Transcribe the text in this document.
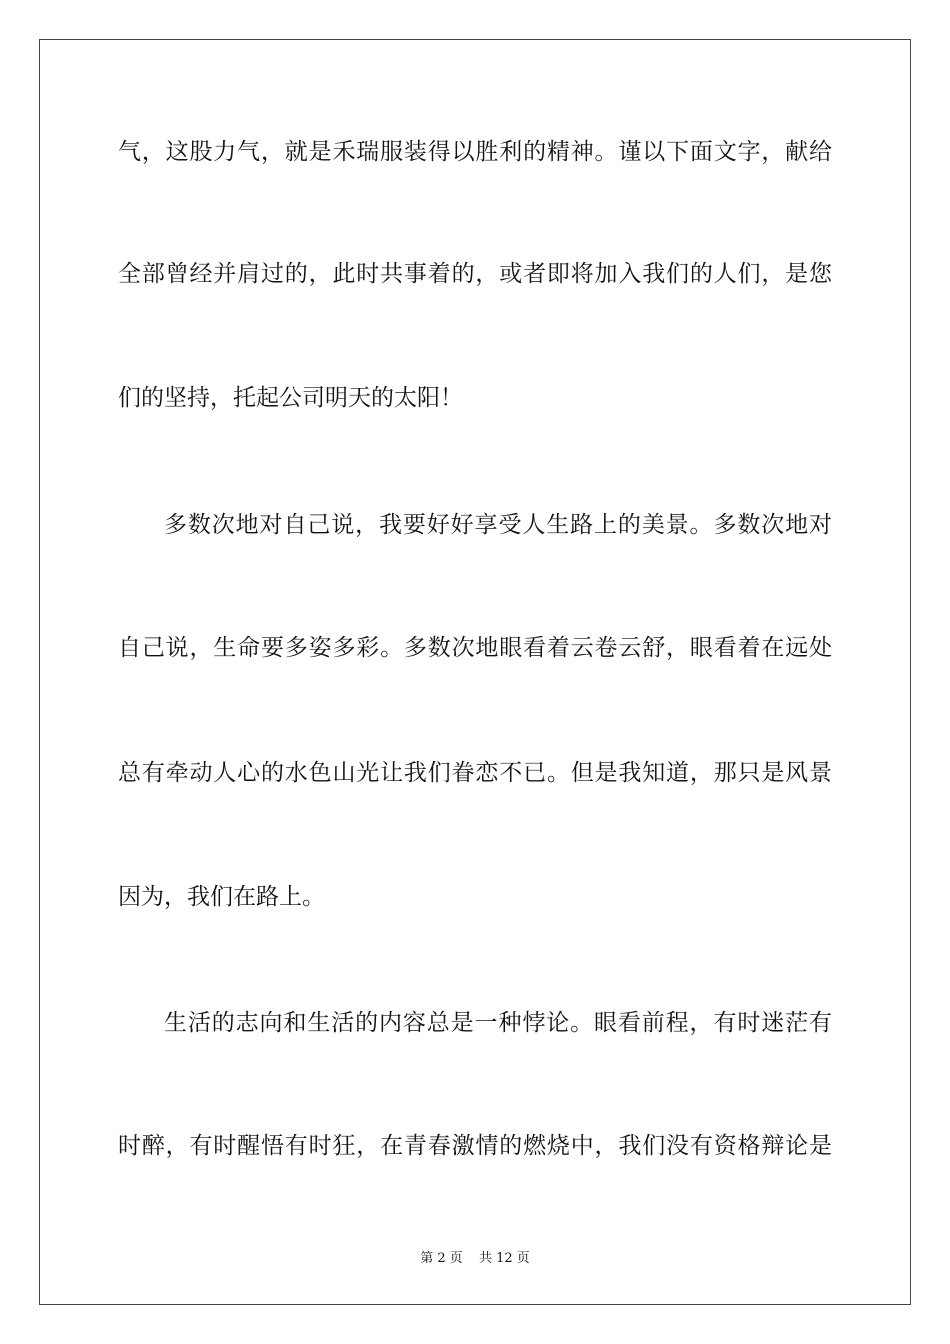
气，这股力气，就是禾瑞服装得以胜利的精神。谨以下面文字，献给
全部曾经并肩过的，此时共事着的，或者即将加入我们的人们，是您
们的坚持，托起公司明天的太阳！
多数次地对自己说，我要好好享受人生路上的美景。多数次地对
自己说，生命要多姿多彩。多数次地眼看着云卷云舒，眼看着在远处
总有牵动人心的水色山光让我们眷恋不已。但是我知道，那只是风景
因为，我们在路上。
生活的志向和生活的内容总是一种悖论。眼看前程，有时迷茫有
时醉，有时醒悟有时狂，在青春激情的燃烧中，我们没有资格辩论是
第 2 页 共 12 页
